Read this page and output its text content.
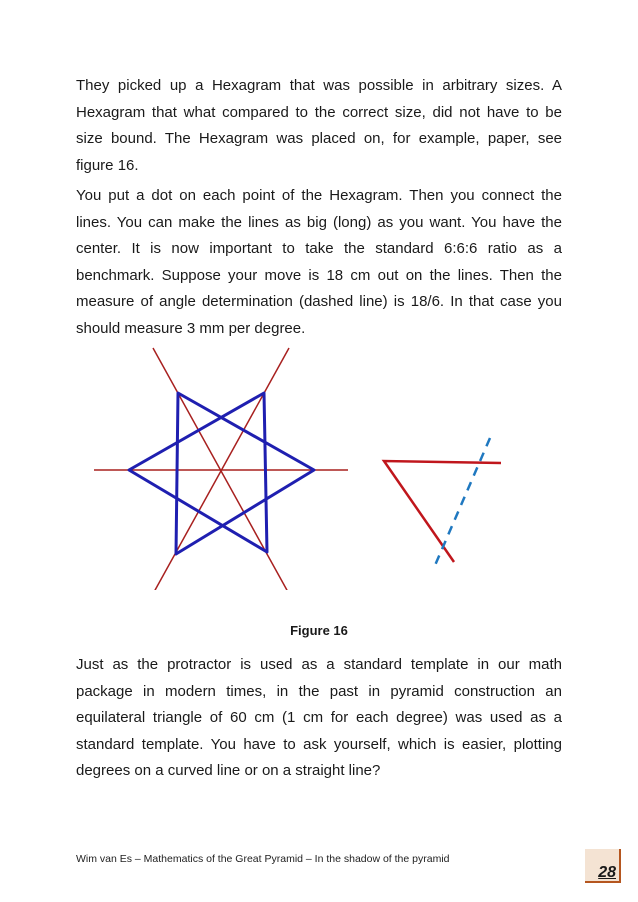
They picked up a Hexagram that was possible in arbitrary sizes. A Hexagram that what compared to the correct size, did not have to be size bound. The Hexagram was placed on, for example, paper, see figure 16.

You put a dot on each point of the Hexagram. Then you connect the lines. You can make the lines as big (long) as you want. You have the center. It is now important to take the standard 6:6:6 ratio as a benchmark. Suppose your move is 18 cm out on the lines. Then the measure of angle determination (dashed line) is 18/6. In that case you should measure 3 mm per degree.

Figure 16

Just as the protractor is used as a standard template in our math package in modern times, in the past in pyramid construction an equilateral triangle of 60 cm (1 cm for each degree) was used as a standard template. You have to ask yourself, which is easier, plotting degrees on a curved line or on a straight line?

Wim van Es – Mathematics of the Great Pyramid – In the shadow of the pyramid
28
